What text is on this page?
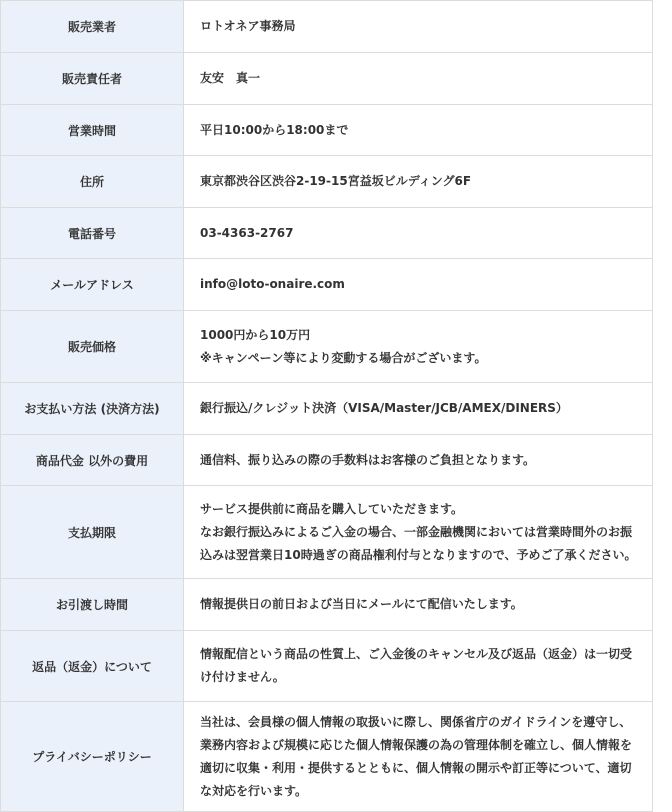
販売業者	ロトオネア事務局

販売責任者	友安　真一

営業時間	平日10:00から18:00まで

住所	東京都渋谷区渋谷2-19-15宮益坂ビルディング6F

電話番号	03-4363-2767

メールアドレス	info@loto-onaire.com

販売価格	1000円から10万円
※キャンペーン等により変動する場合がございます。

お支払い方法 (決済方法)	銀行振込/クレジット決済（VISA/Master/JCB/AMEX/DINERS）

商品代金 以外の費用	通信料、振り込みの際の手数料はお客様のご負担となります。

支払期限	サービス提供前に商品を購入していただきます。
なお銀行振込みによるご入金の場合、一部金融機関においては営業時間外のお振
込みは翌営業日10時過ぎの商品権利付与となりますので、予めご了承ください。

お引渡し時間	情報提供日の前日および当日にメールにて配信いたします。

返品（返金）について	情報配信という商品の性質上、ご入金後のキャンセル及び返品（返金）は一切受
け付けません。

プライバシーポリシー	当社は、会員様の個人情報の取扱いに際し、関係省庁のガイドラインを遵守し、
業務内容および規模に応じた個人情報保護の為の管理体制を確立し、個人情報を
適切に収集・利用・提供するとともに、個人情報の開示や訂正等について、適切
な対応を行います。
